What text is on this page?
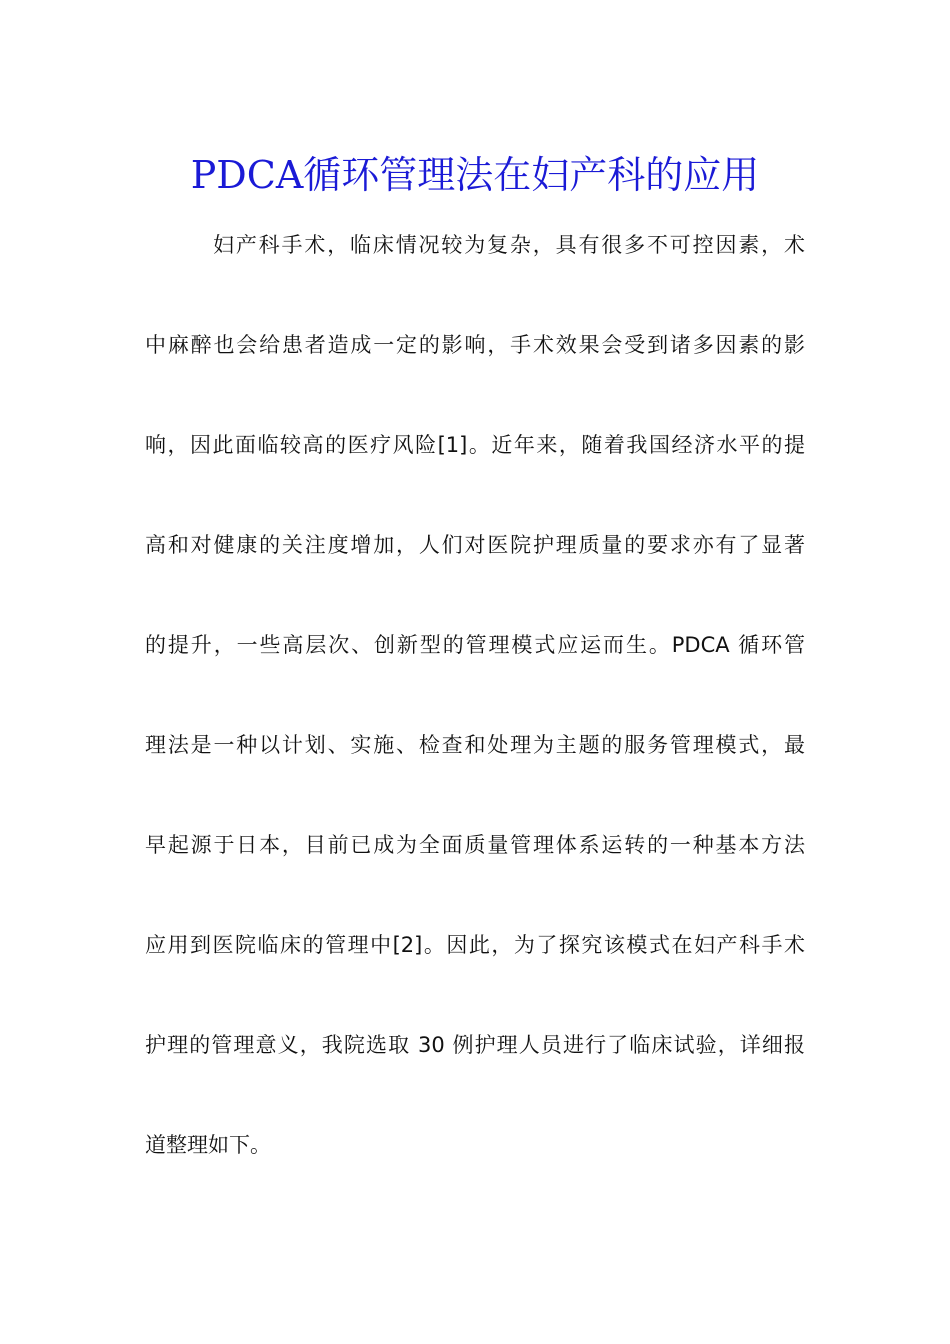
PDCA循环管理法在妇产科的应用
妇产科手术，临床情况较为复杂，具有很多不可控因素，术
中麻醉也会给患者造成一定的影响，手术效果会受到诸多因素的影
响，因此面临较高的医疗风险[1]。近年来，随着我国经济水平的提
高和对健康的关注度增加，人们对医院护理质量的要求亦有了显著
的提升，一些高层次、创新型的管理模式应运而生。PDCA 循环管
理法是一种以计划、实施、检查和处理为主题的服务管理模式，最
早起源于日本，目前已成为全面质量管理体系运转的一种基本方法
应用到医院临床的管理中[2]。因此，为了探究该模式在妇产科手术
护理的管理意义，我院选取 30 例护理人员进行了临床试验，详细报
道整理如下。
